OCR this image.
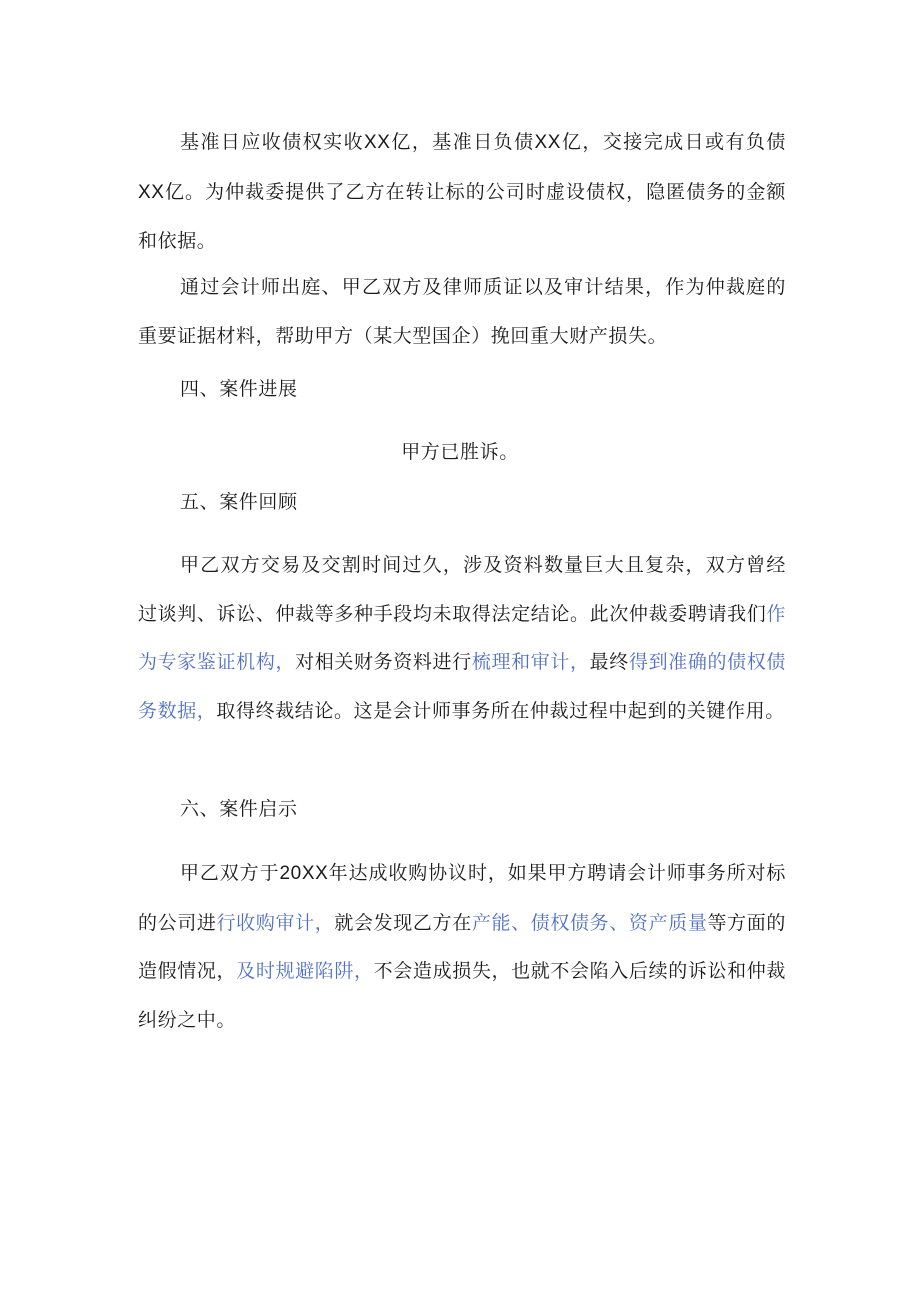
基准日应收债权实收XX亿，基准日负债XX亿，交接完成日或有负债XX亿。为仲裁委提供了乙方在转让标的公司时虚设债权，隐匿债务的金额和依据。

通过会计师出庭、甲乙双方及律师质证以及审计结果，作为仲裁庭的重要证据材料，帮助甲方（某大型国企）挽回重大财产损失。

四、案件进展

甲方已胜诉。

五、案件回顾

甲乙双方交易及交割时间过久，涉及资料数量巨大且复杂，双方曾经过谈判、诉讼、仲裁等多种手段均未取得法定结论。此次仲裁委聘请我们作为专家鉴证机构，对相关财务资料进行梳理和审计，最终得到准确的债权债务数据，取得终裁结论。这是会计师事务所在仲裁过程中起到的关键作用。

六、案件启示

甲乙双方于20XX年达成收购协议时，如果甲方聘请会计师事务所对标的公司进行收购审计，就会发现乙方在产能、债权债务、资产质量等方面的造假情况，及时规避陷阱，不会造成损失，也就不会陷入后续的诉讼和仲裁纠纷之中。
